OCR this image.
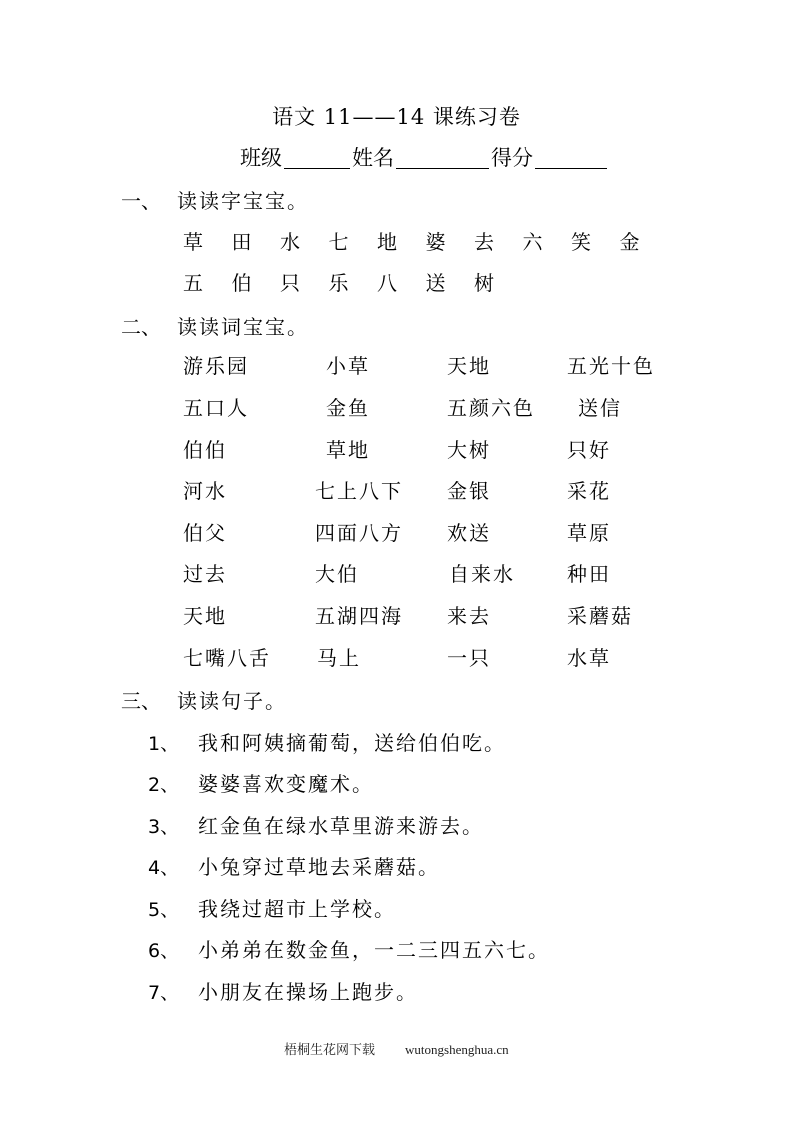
语文 11——14 课练习卷
班级	姓名	得分
一、 读读字宝宝。
草	田	水	七	地	婆	去	六	笑	金
五	伯	只	乐	八	送	树
二、 读读词宝宝。
游乐园	小草	天地	五光十色
五口人	金鱼	五颜六色 送信
伯伯	草地	大树	只好
河水	七上八下 金银	采花
伯父	四面八方 欢送	草原
过去	大伯	自来水	种田
天地	五湖四海 来去	采蘑菇
七嘴八舌 马上	一只	水草
三、 读读句子。
1、 我和阿姨摘葡萄，送给伯伯吃。
2、 婆婆喜欢变魔术。
3、 红金鱼在绿水草里游来游去。
4、 小兔穿过草地去采蘑菇。
5、 我绕过超市上学校。
6、 小弟弟在数金鱼，一二三四五六七。
7、 小朋友在操场上跑步。
梧桐生花网下载 wutongshenghua.cn
